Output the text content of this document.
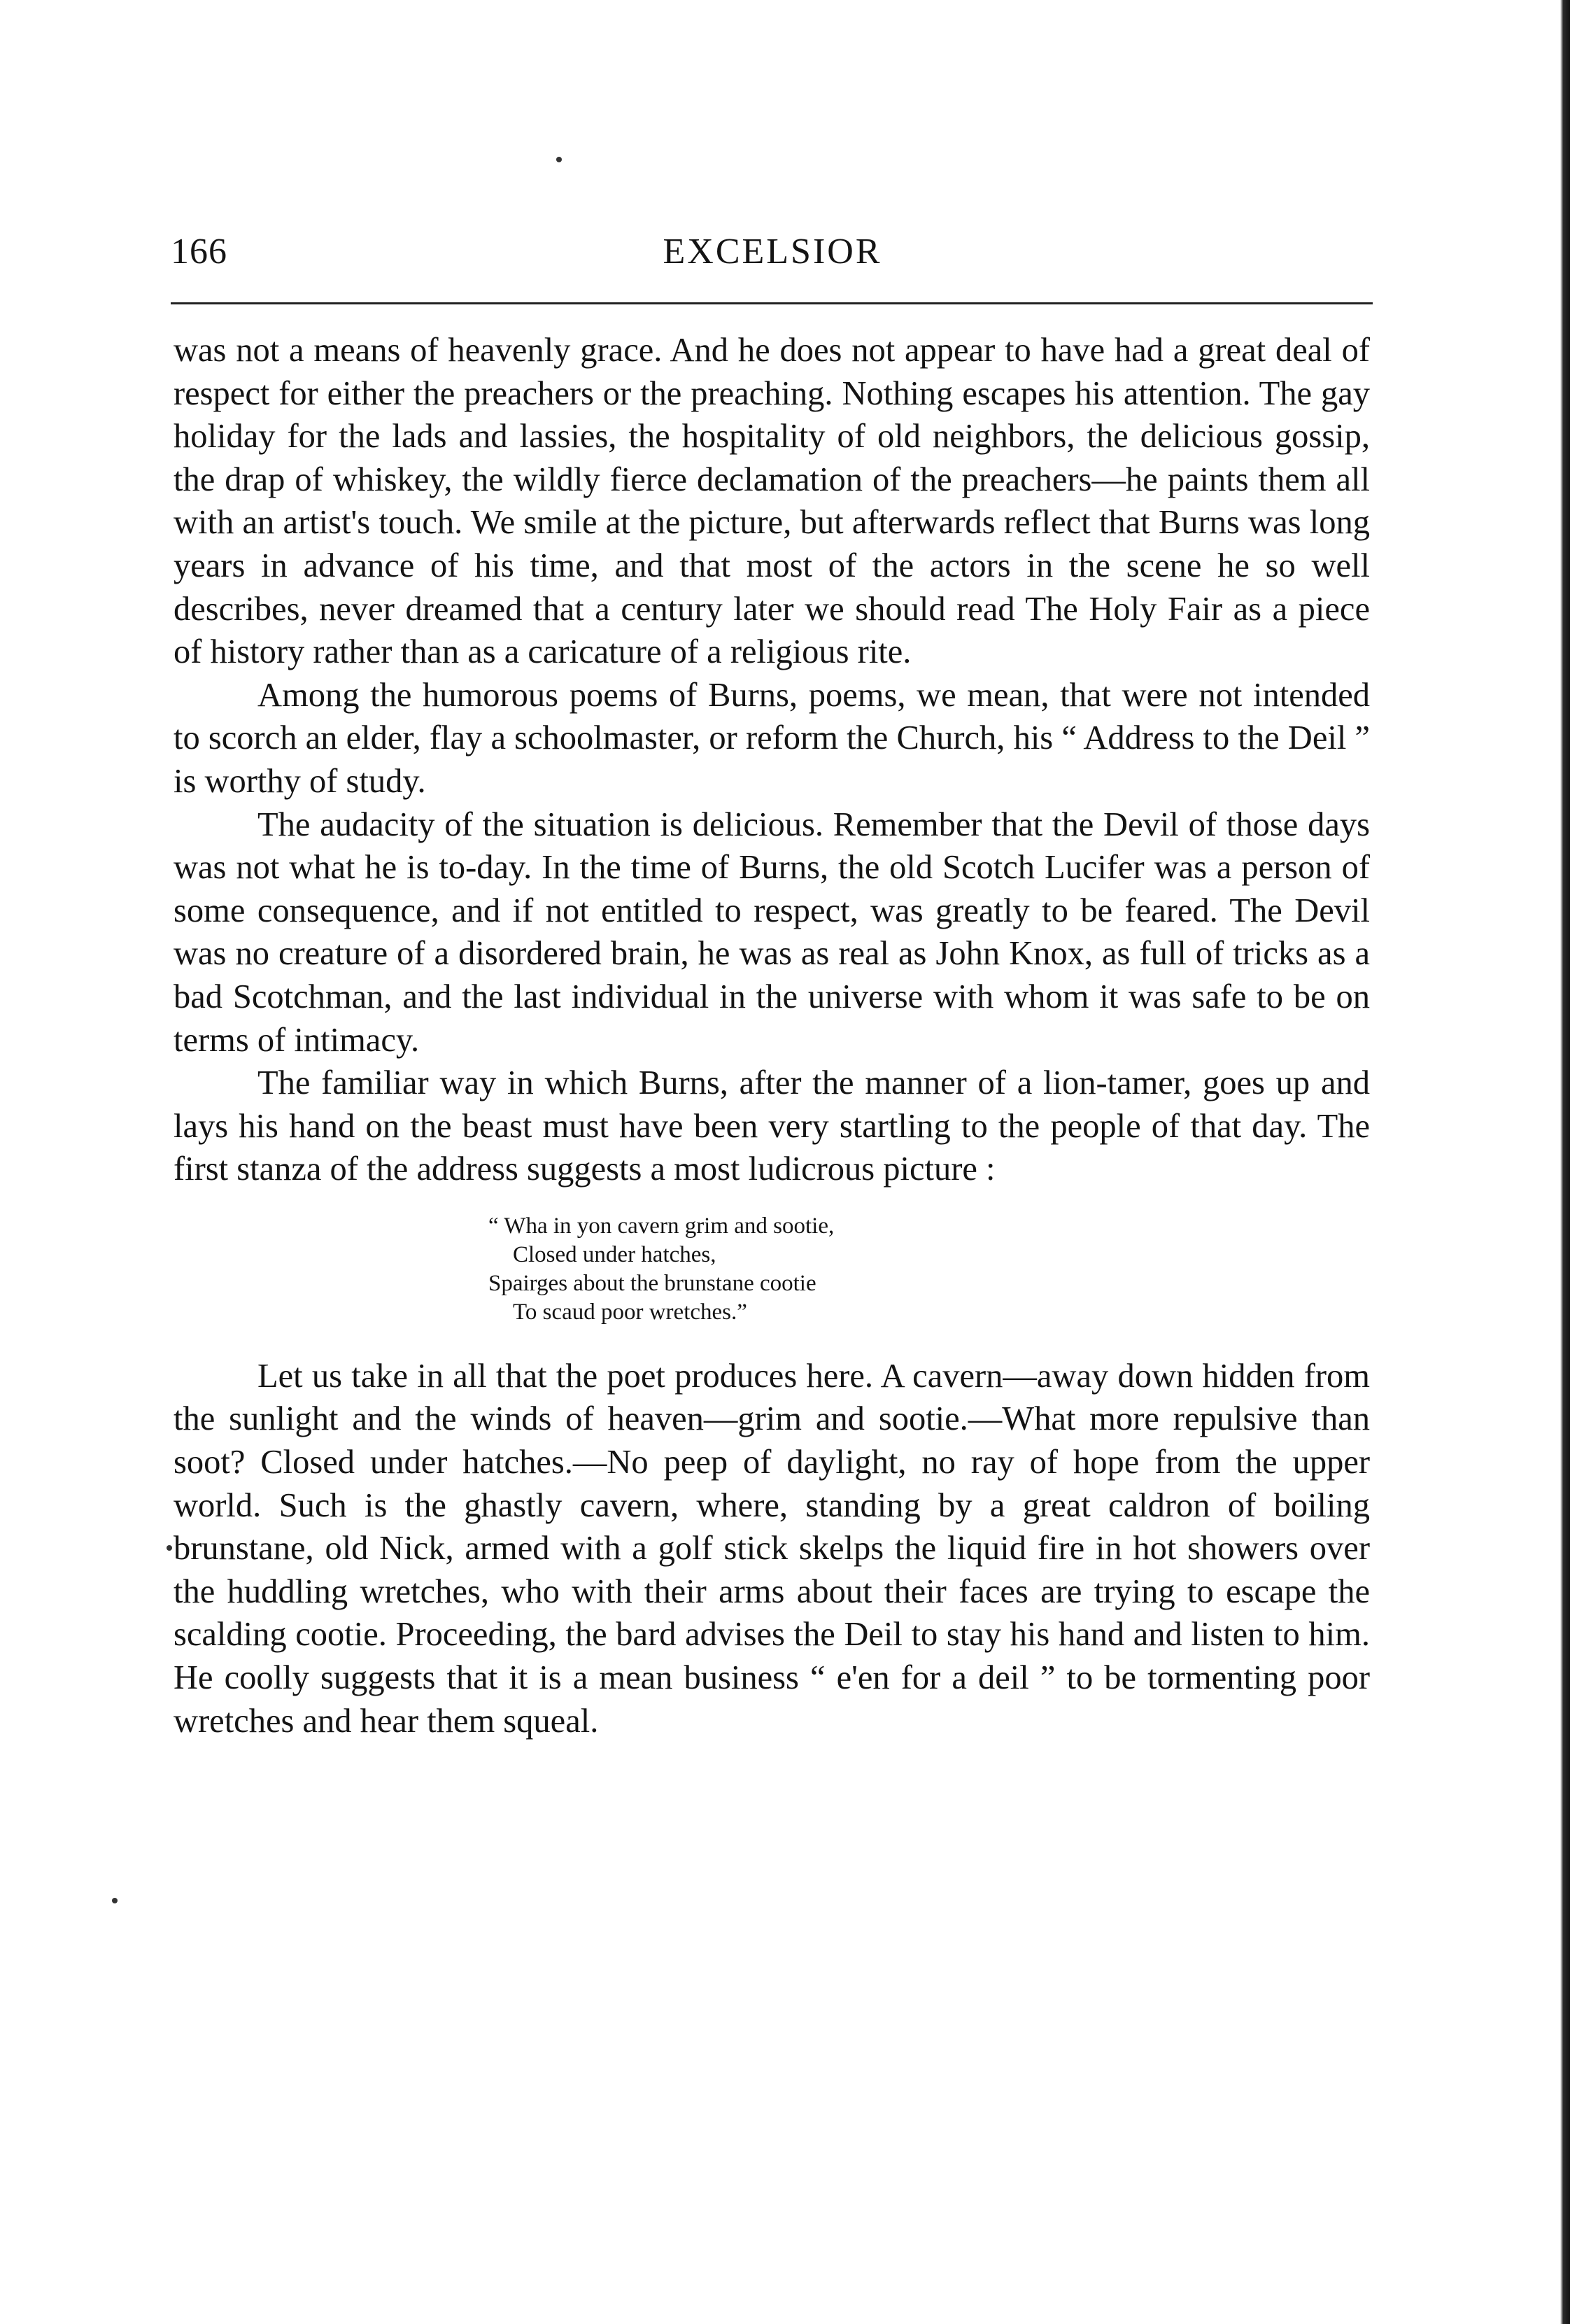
166	EXCELSIOR

was not a means of heavenly grace. And he does not appear to have had a great deal of respect for either the preachers or the preaching. Nothing escapes his attention. The gay holiday for the lads and lassies, the hospitality of old neighbors, the delicious gossip, the drap of whiskey, the wildly fierce declamation of the preachers—he paints them all with an artist's touch. We smile at the picture, but afterwards reflect that Burns was long years in advance of his time, and that most of the actors in the scene he so well describes, never dreamed that a century later we should read The Holy Fair as a piece of history rather than as a caricature of a religious rite.

Among the humorous poems of Burns, poems, we mean, that were not intended to scorch an elder, flay a schoolmaster, or reform the Church, his “ Address to the Deil ” is worthy of study.

The audacity of the situation is delicious. Remember that the Devil of those days was not what he is to-day. In the time of Burns, the old Scotch Lucifer was a person of some consequence, and if not entitled to respect, was greatly to be feared. The Devil was no creature of a disordered brain, he was as real as John Knox, as full of tricks as a bad Scotchman, and the last individual in the universe with whom it was safe to be on terms of intimacy.

The familiar way in which Burns, after the manner of a lion-tamer, goes up and lays his hand on the beast must have been very startling to the people of that day. The first stanza of the address suggests a most ludicrous picture :

“ Wha in yon cavern grim and sootie,
Closed under hatches,
Spairges about the brunstane cootie
To scaud poor wretches.”

Let us take in all that the poet produces here. A cavern—away down hidden from the sunlight and the winds of heaven—grim and sootie.—What more repulsive than soot? Closed under hatches.—No peep of daylight, no ray of hope from the upper world. Such is the ghastly cavern, where, standing by a great caldron of boiling brunstane, old Nick, armed with a golf stick skelps the liquid fire in hot showers over the huddling wretches, who with their arms about their faces are trying to escape the scalding cootie. Proceeding, the bard advises the Deil to stay his hand and listen to him. He coolly suggests that it is a mean business “ e'en for a deil ” to be tormenting poor wretches and hear them squeal.
